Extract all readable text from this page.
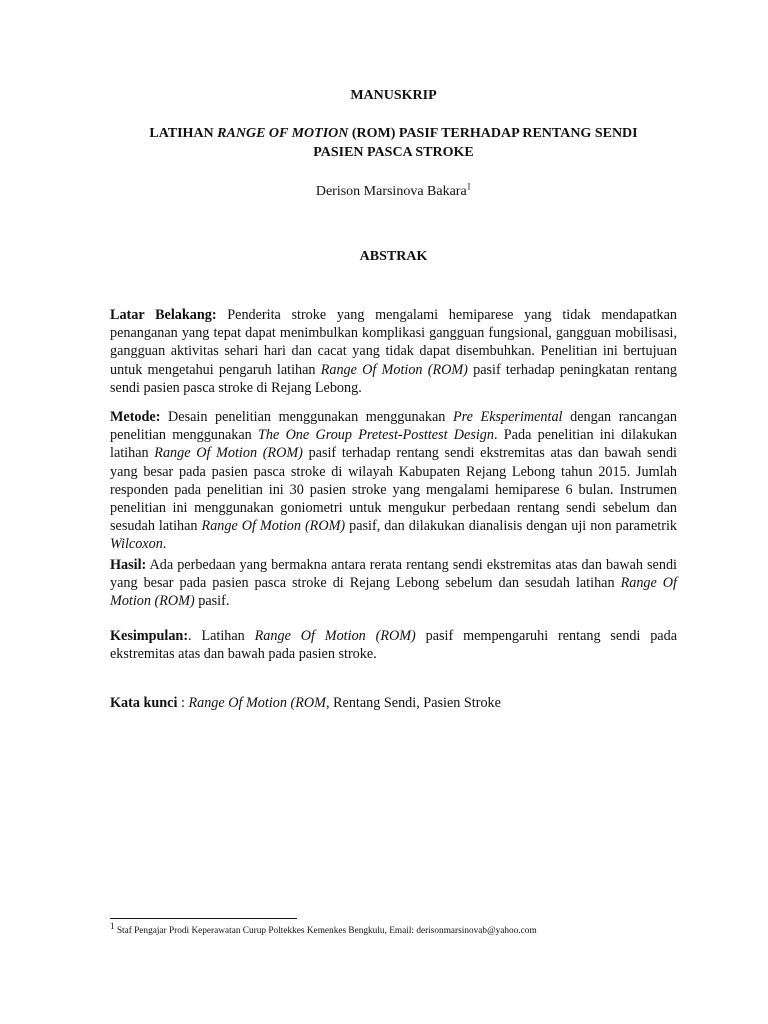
MANUSKRIP
LATIHAN RANGE OF MOTION (ROM) PASIF TERHADAP RENTANG SENDI
PASIEN PASCA STROKE
Derison Marsinova Bakara$^1$
ABSTRAK
Latar Belakang: Penderita stroke yang mengalami hemiparese yang tidak mendapatkan penanganan yang tepat dapat menimbulkan komplikasi gangguan fungsional, gangguan mobilisasi, gangguan aktivitas sehari hari dan cacat yang tidak dapat disembuhkan. Penelitian ini bertujuan untuk mengetahui pengaruh latihan Range Of Motion (ROM) pasif terhadap peningkatan rentang sendi pasien pasca stroke di Rejang Lebong.
Metode: Desain penelitian menggunakan menggunakan Pre Eksperimental dengan rancangan penelitian menggunakan The One Group Pretest-Posttest Design. Pada penelitian ini dilakukan latihan Range Of Motion (ROM) pasif terhadap rentang sendi ekstremitas atas dan bawah sendi yang besar pada pasien pasca stroke di wilayah Kabupaten Rejang Lebong tahun 2015. Jumlah responden pada penelitian ini 30 pasien stroke yang mengalami hemiparese 6 bulan. Instrumen penelitian ini menggunakan goniometri untuk mengukur perbedaan rentang sendi sebelum dan sesudah latihan Range Of Motion (ROM) pasif, dan dilakukan dianalisis dengan uji non parametrik Wilcoxon.
Hasil: Ada perbedaan yang bermakna antara rerata rentang sendi ekstremitas atas dan bawah sendi yang besar pada pasien pasca stroke di Rejang Lebong sebelum dan sesudah latihan Range Of Motion (ROM) pasif.
Kesimpulan:. Latihan Range Of Motion (ROM) pasif mempengaruhi rentang sendi pada ekstremitas atas dan bawah pada pasien stroke.
Kata kunci : Range Of Motion (ROM, Rentang Sendi, Pasien Stroke
$^1$ Staf Pengajar Prodi Keperawatan Curup Poltekkes Kemenkes Bengkulu, Email: derisonmarsinovab@yahoo.com
